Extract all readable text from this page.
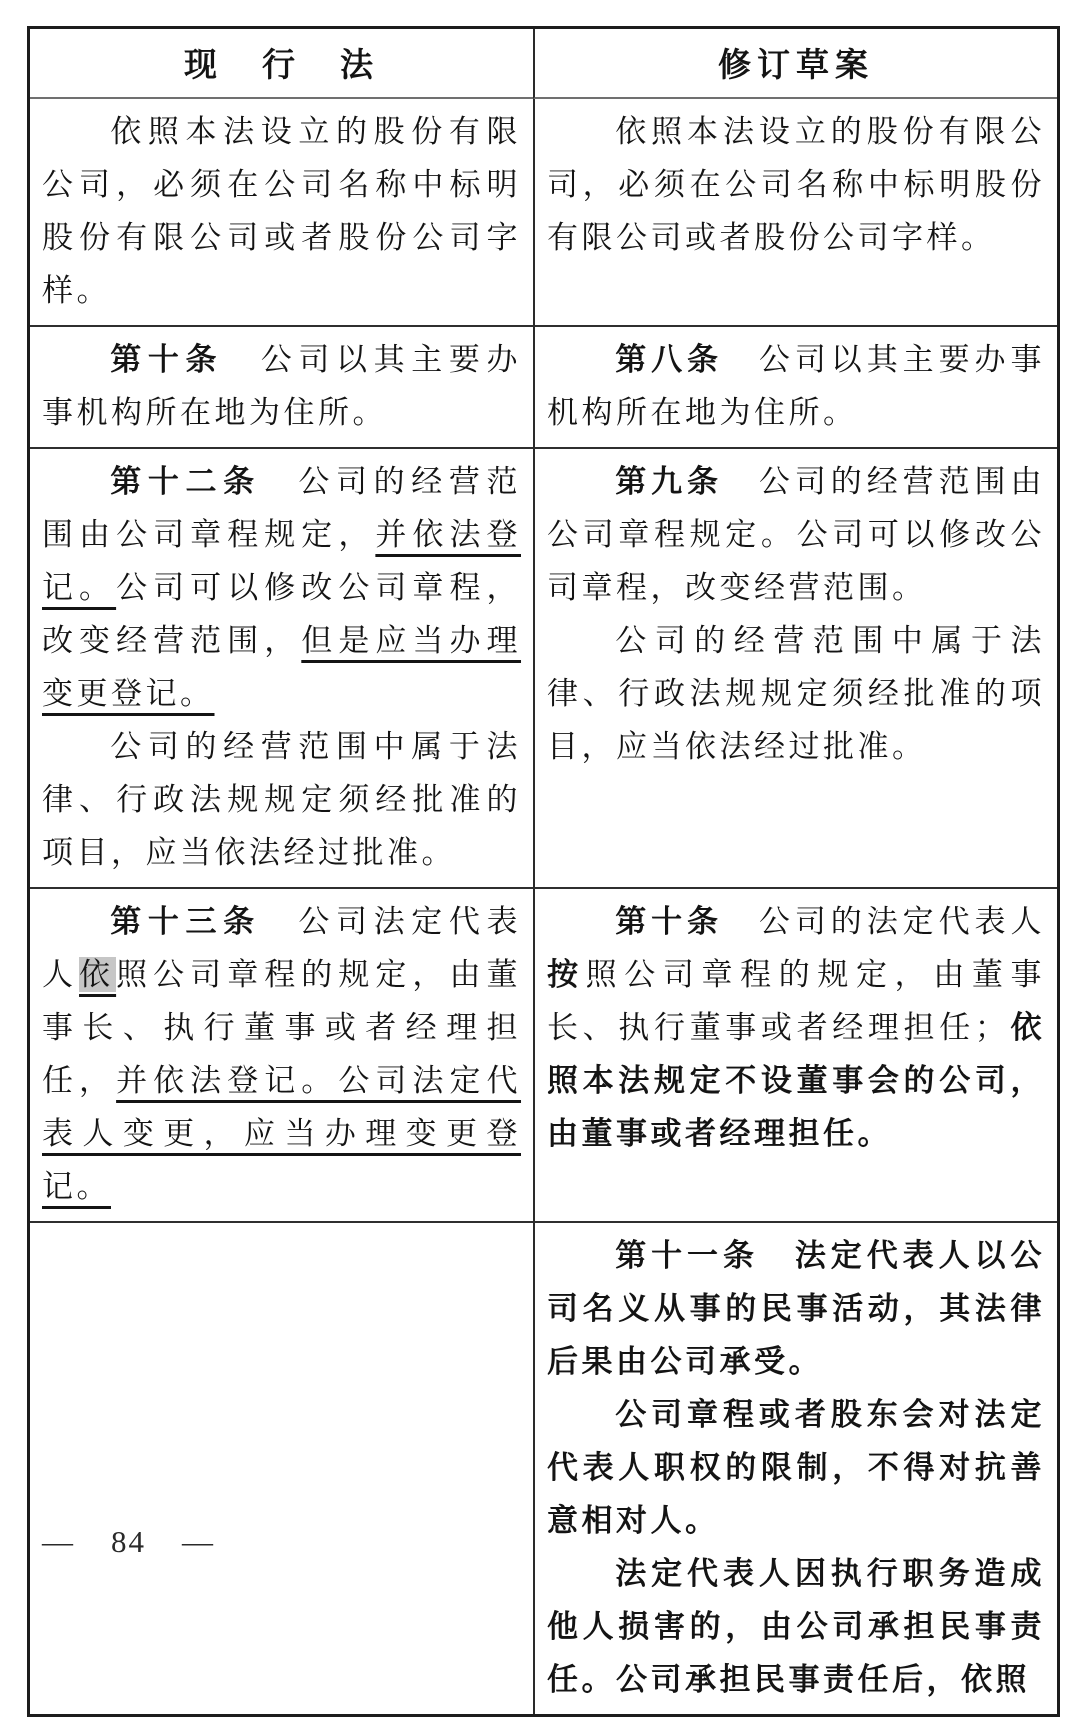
现　行　法	修订草案

依照本法设立的股份有限公司，必须在公司名称中标明股份有限公司或者股份公司字样。

依照本法设立的股份有限公司，必须在公司名称中标明股份有限公司或者股份公司字样。

第十条　公司以其主要办事机构所在地为住所。

第八条　公司以其主要办事机构所在地为住所。

第十二条　公司的经营范围由公司章程规定，并依法登记。公司可以修改公司章程，改变经营范围，但是应当办理变更登记。

公司的经营范围中属于法律、行政法规规定须经批准的项目，应当依法经过批准。

第九条　公司的经营范围由公司章程规定。公司可以修改公司章程，改变经营范围。

公司的经营范围中属于法律、行政法规规定须经批准的项目，应当依法经过批准。

第十三条　公司法定代表人依照公司章程的规定，由董事长、执行董事或者经理担任，并依法登记。公司法定代表人变更，应当办理变更登记。

第十条　公司的法定代表人按照公司章程的规定，由董事长、执行董事或者经理担任；依照本法规定不设董事会的公司，由董事或者经理担任。

第十一条　法定代表人以公司名义从事的民事活动，其法律后果由公司承受。

公司章程或者股东会对法定代表人职权的限制，不得对抗善意相对人。

法定代表人因执行职务造成他人损害的，由公司承担民事责任。公司承担民事责任后，依照

— 84 —
